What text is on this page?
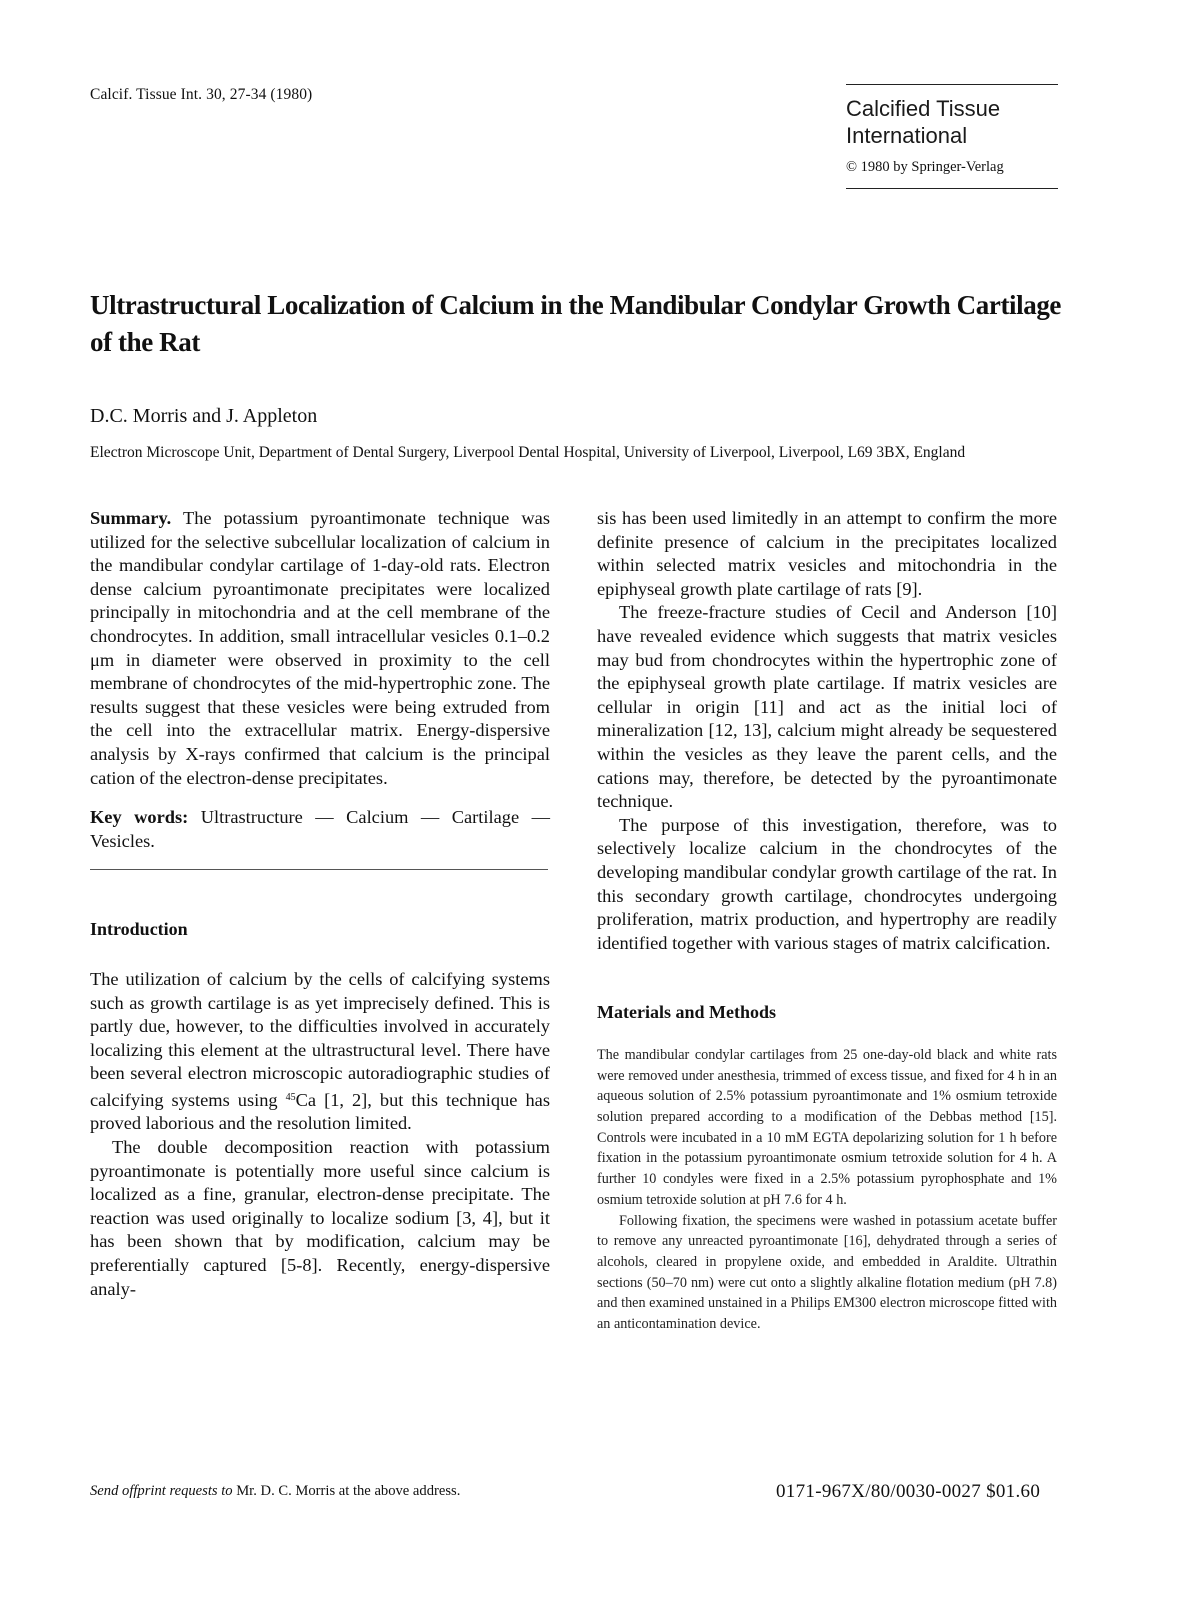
Calcif. Tissue Int. 30, 27-34 (1980)
Calcified Tissue
International
© 1980 by Springer-Verlag
Ultrastructural Localization of Calcium in the Mandibular Condylar Growth Cartilage of the Rat
D.C. Morris and J. Appleton
Electron Microscope Unit, Department of Dental Surgery, Liverpool Dental Hospital, University of Liverpool, Liverpool, L69 3BX, England

Summary. The potassium pyroantimonate technique was utilized for the selective subcellular localization of calcium in the mandibular condylar cartilage of 1-day-old rats. Electron dense calcium pyroantimonate precipitates were localized principally in mitochondria and at the cell membrane of the chondrocytes. In addition, small intracellular vesicles 0.1–0.2 μm in diameter were observed in proximity to the cell membrane of chondrocytes of the mid-hypertrophic zone. The results suggest that these vesicles were being extruded from the cell into the extracellular matrix. Energy-dispersive analysis by X-rays confirmed that calcium is the principal cation of the electron-dense precipitates.

Key words: Ultrastructure — Calcium — Cartilage — Vesicles.

Introduction

The utilization of calcium by the cells of calcifying systems such as growth cartilage is as yet imprecisely defined. This is partly due, however, to the difficulties involved in accurately localizing this element at the ultrastructural level. There have been several electron microscopic autoradiographic studies of calcifying systems using $^{45}$Ca [1, 2], but this technique has proved laborious and the resolution limited.

The double decomposition reaction with potassium pyroantimonate is potentially more useful since calcium is localized as a fine, granular, electron-dense precipitate. The reaction was used originally to localize sodium [3, 4], but it has been shown that by modification, calcium may be preferentially captured [5-8]. Recently, energy-dispersive analy-

sis has been used limitedly in an attempt to confirm the more definite presence of calcium in the precipitates localized within selected matrix vesicles and mitochondria in the epiphyseal growth plate cartilage of rats [9].

The freeze-fracture studies of Cecil and Anderson [10] have revealed evidence which suggests that matrix vesicles may bud from chondrocytes within the hypertrophic zone of the epiphyseal growth plate cartilage. If matrix vesicles are cellular in origin [11] and act as the initial loci of mineralization [12, 13], calcium might already be sequestered within the vesicles as they leave the parent cells, and the cations may, therefore, be detected by the pyroantimonate technique.

The purpose of this investigation, therefore, was to selectively localize calcium in the chondrocytes of the developing mandibular condylar growth cartilage of the rat. In this secondary growth cartilage, chondrocytes undergoing proliferation, matrix production, and hypertrophy are readily identified together with various stages of matrix calcification.

Materials and Methods

The mandibular condylar cartilages from 25 one-day-old black and white rats were removed under anesthesia, trimmed of excess tissue, and fixed for 4 h in an aqueous solution of 2.5% potassium pyroantimonate and 1% osmium tetroxide solution prepared according to a modification of the Debbas method [15]. Controls were incubated in a 10 mM EGTA depolarizing solution for 1 h before fixation in the potassium pyroantimonate osmium tetroxide solution for 4 h. A further 10 condyles were fixed in a 2.5% potassium pyrophosphate and 1% osmium tetroxide solution at pH 7.6 for 4 h.

Following fixation, the specimens were washed in potassium acetate buffer to remove any unreacted pyroantimonate [16], dehydrated through a series of alcohols, cleared in propylene oxide, and embedded in Araldite. Ultrathin sections (50–70 nm) were cut onto a slightly alkaline flotation medium (pH 7.8) and then examined unstained in a Philips EM300 electron microscope fitted with an anticontamination device.

Send offprint requests to Mr. D. C. Morris at the above address.	0171-967X/80/0030-0027 $01.60
